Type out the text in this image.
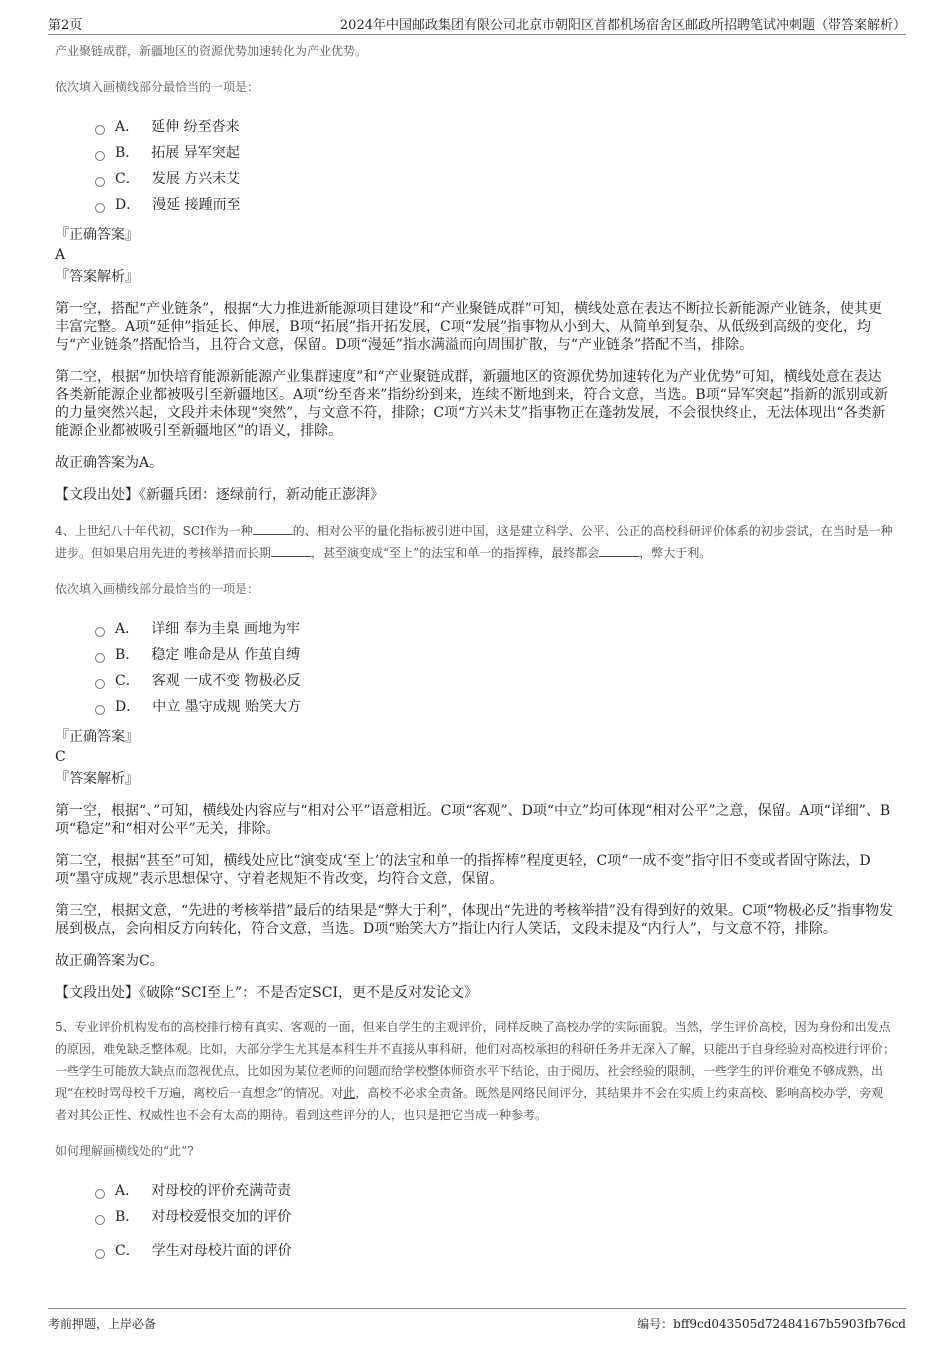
第2页	2024年中国邮政集团有限公司北京市朝阳区首都机场宿舍区邮政所招聘笔试冲刺题（带答案解析）
产业聚链成群，新疆地区的资源优势加速转化为产业优势。
依次填入画横线部分最恰当的一项是：
A． 延伸 纷至沓来
B． 拓展 异军突起
C． 发展 方兴未艾
D． 漫延 接踵而至
『正确答案』
A
『答案解析』

第一空，搭配“产业链条”，根据“大力推进新能源项目建设”和“产业聚链成群”可知，横线处意在表达不断拉长新能源产业链条，使其更丰富完整。A项“延伸”指延长、伸展，B项“拓展”指开拓发展，C项“发展”指事物从小到大、从简单到复杂、从低级到高级的变化，均与“产业链条”搭配恰当，且符合文意，保留。D项“漫延”指水满溢而向周围扩散，与“产业链条”搭配不当，排除。

第二空，根据“加快培育能源新能源产业集群速度”和“产业聚链成群，新疆地区的资源优势加速转化为产业优势”可知，横线处意在表达各类新能源企业都被吸引至新疆地区。A项“纷至沓来”指纷纷到来，连续不断地到来，符合文意，当选。B项“异军突起”指新的派别或新的力量突然兴起，文段并未体现“突然”，与文意不符，排除；C项“方兴未艾”指事物正在蓬勃发展，不会很快终止，无法体现出“各类新能源企业都被吸引至新疆地区”的语义，排除。

故正确答案为A。

【文段出处】《新疆兵团：逐绿前行，新动能正澎湃》

4、上世纪八十年代初，SCI作为一种	的、相对公平的量化指标被引进中国，这是建立科学、公平、公正的高校科研评价体系的初步尝试，在当时是一种进步。但如果启用先进的考核举措而长期	，甚至演变成“至上”的法宝和单一的指挥棒，最终都会	，弊大于利。

依次填入画横线部分最恰当的一项是：
A． 详细 奉为圭臬 画地为牢
B． 稳定 唯命是从 作茧自缚
C． 客观 一成不变 物极必反
D． 中立 墨守成规 贻笑大方
『正确答案』
C
『答案解析』

第一空，根据“、”可知，横线处内容应与“相对公平”语意相近。C项“客观”、D项“中立”均可体现“相对公平”之意，保留。A项“详细”、B项“稳定”和“相对公平”无关，排除。

第二空，根据“甚至”可知，横线处应比“演变成‘至上’的法宝和单一的指挥棒”程度更轻，C项“一成不变”指守旧不变或者固守陈法，D项“墨守成规”表示思想保守、守着老规矩不肯改变，均符合文意，保留。

第三空，根据文意，“先进的考核举措”最后的结果是“弊大于利”，体现出“先进的考核举措”没有得到好的效果。C项“物极必反”指事物发展到极点，会向相反方向转化，符合文意，当选。D项“贻笑大方”指让内行人笑话，文段未提及“内行人”，与文意不符，排除。

故正确答案为C。

【文段出处】《破除“SCI至上”：不是否定SCI，更不是反对发论文》

5、专业评价机构发布的高校排行榜有真实、客观的一面，但来自学生的主观评价，同样反映了高校办学的实际面貌。当然，学生评价高校，因为身份和出发点的原因，难免缺乏整体观。比如，大部分学生尤其是本科生并不直接从事科研，他们对高校承担的科研任务并无深入了解，只能出于自身经验对高校进行评价；一些学生可能放大缺点而忽视优点，比如因为某位老师的问题而给学校整体师资水平下结论，由于阅历、社会经验的限制，一些学生的评价难免不够成熟，出现“在校时骂母校千万遍，离校后一直想念”的情况。对此，高校不必求全责备。既然是网络民间评分，其结果并不会在实质上约束高校、影响高校办学，旁观者对其公正性、权威性也不会有太高的期待。看到这些评分的人，也只是把它当成一种参考。

如何理解画横线处的“此”?
A． 对母校的评价充满苛责
B． 对母校爱恨交加的评价
C． 学生对母校片面的评价
考前押题，上岸必备	编号：bff9cd043505d72484167b5903fb76cd
